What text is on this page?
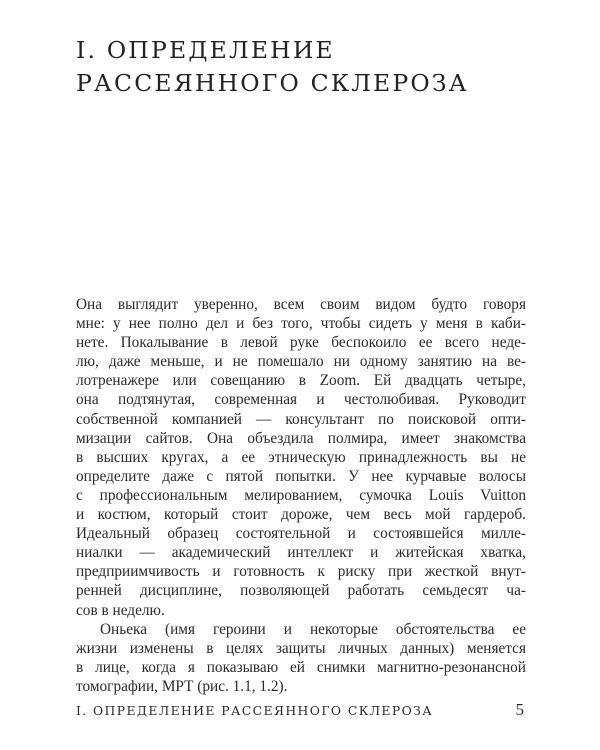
I. ОПРЕДЕЛЕНИЕ
РАССЕЯННОГО СКЛЕРОЗА
Она выглядит уверенно, всем своим видом будто говоря
мне: у нее полно дел и без того, чтобы сидеть у меня в каби-
нете. Покалывание в левой руке беспокоило ее всего неде-
лю, даже меньше, и не помешало ни одному занятию на ве-
лотренажере или совещанию в Zoom. Ей двадцать четыре,
она подтянутая, современная и честолюбивая. Руководит
собственной компанией — консультант по поисковой опти-
мизации сайтов. Она объездила полмира, имеет знакомства
в высших кругах, а ее этническую принадлежность вы не
определите даже с пятой попытки. У нее курчавые волосы
с профессиональным мелированием, сумочка Louis Vuitton
и костюм, который стоит дороже, чем весь мой гардероб.
Идеальный образец состоятельной и состоявшейся милле-
ниалки — академический интеллект и житейская хватка,
предприимчивость и готовность к риску при жесткой внут-
ренней дисциплине, позволяющей работать семьдесят ча-
сов в неделю.
Оньека (имя героини и некоторые обстоятельства ее
жизни изменены в целях защиты личных данных) меняется
в лице, когда я показываю ей снимки магнитно-резонансной
томографии, МРТ (рис. 1.1, 1.2).
I. ОПРЕДЕЛЕНИЕ РАССЕЯННОГО СКЛЕРОЗА	5
